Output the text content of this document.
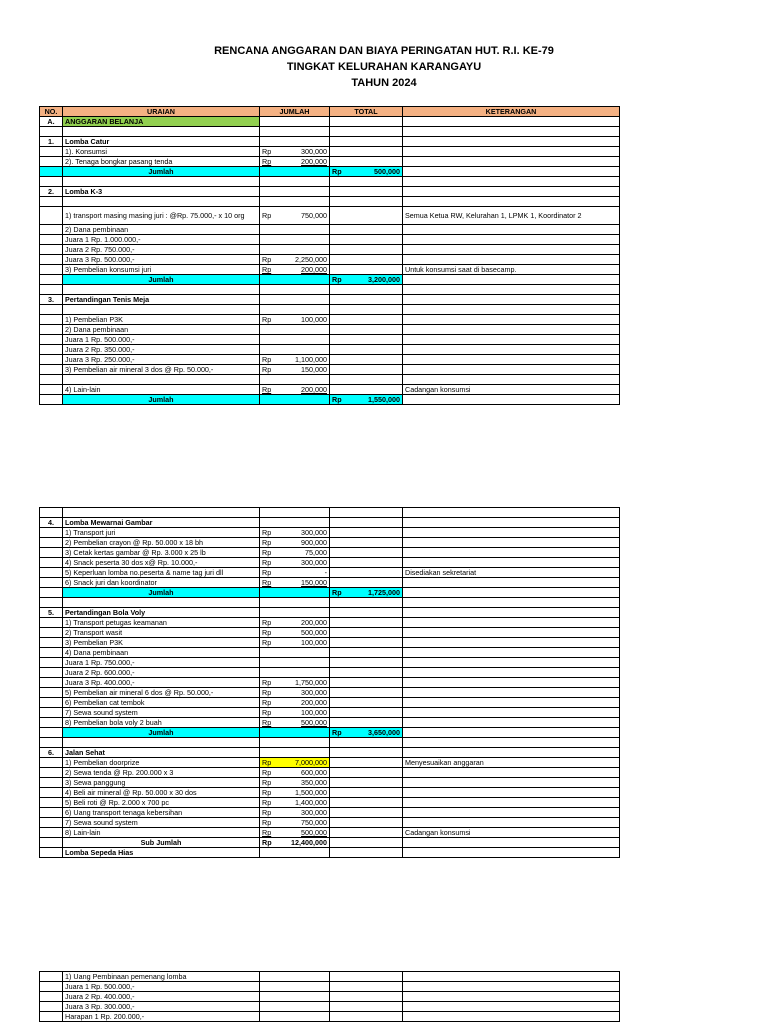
RENCANA ANGGARAN DAN BIAYA PERINGATAN HUT. R.I. KE-79
TINGKAT KELURAHAN KARANGAYU
TAHUN 2024
NO.	URAIAN	JUMLAH	TOTAL	KETERANGAN
A.	ANGGARAN BELANJA			

1.	Lomba Catur			
	1). Konsumsi	Rp 300,000		

	2). Tenaga bongkar pasang tenda	Rp 200,000		

	Jumlah		Rp 500,000	

2.	Lomba K-3			

	1) transport masing masing juri : @Rp. 75.000,- x 10 org	Rp 750,000		Semua Ketua RW, Kelurahan 1, LPMK 1, Koordinator 2
	2) Dana pembinaan			
	Juara 1 Rp. 1.000.000,-			
	Juara 2 Rp. 750.000,-			
	Juara 3 Rp. 500.000,-	Rp 2,250,000		

	3) Pembelian konsumsi juri	Rp 200,000		Untuk konsumsi saat di basecamp.
	Jumlah		Rp 3,200,000	

3.	Pertandingan Tenis Meja			

	1) Pembelian P3K	Rp 100,000		

	2) Dana pembinaan			
	Juara 1 Rp. 500.000,-			
	Juara 2 Rp. 350.000,-			
	Juara 3 Rp. 250.000,-	Rp 1,100,000		

	3) Pembelian air mineral 3 dos @ Rp. 50.000,-	Rp 150,000		

	4) Lain-lain	Rp 200,000		Cadangan konsumsi
	Jumlah		Rp 1,550,000	

4.	Lomba Mewarnai Gambar			
	1) Transport juri	Rp 300,000		

	2) Pembelian crayon @ Rp. 50.000 x 18 bh	Rp 900,000		

	3) Cetak kertas gambar @ Rp. 3.000 x 25 lb	Rp 75,000		

	4) Snack peserta 30 dos x@ Rp. 10.000,-	Rp 300,000		

	5) Keperluan lomba no.peserta & name tag juri dll	Rp -		Disediakan sekretariat
	6) Snack juri dan koordinator	Rp 150,000		

	Jumlah		Rp 1,725,000	

5.	Pertandingan Bola Voly			
	1) Transport petugas keamanan	Rp 200,000		

	2) Transport wasit	Rp 500,000		

	3) Pembelian P3K	Rp 100,000		

	4) Dana pembinaan			
	Juara 1 Rp. 750.000,-			
	Juara 2 Rp. 600.000,-			
	Juara 3 Rp. 400.000,-	Rp 1,750,000		

	5) Pembelian air mineral 6 dos @ Rp. 50.000,-	Rp 300,000		

	6) Pembelian cat tembok	Rp 200,000		

	7) Sewa sound system	Rp 100,000		

	8) Pembelian bola voly 2 buah	Rp 500,000		

	Jumlah		Rp 3,650,000	

6.	Jalan Sehat			
	1) Pembelian doorprize	Rp 7,000,000		Menyesuaikan anggaran
	2) Sewa tenda @ Rp. 200.000 x 3	Rp 600,000		

	3) Sewa panggung	Rp 350,000		

	4) Beli air mineral @ Rp. 50.000 x 30 dos	Rp 1,500,000		

	5) Beli roti @ Rp. 2.000 x 700 pc	Rp 1,400,000		

	6) Uang transport tenaga kebersihan	Rp 300,000		

	7) Sewa sound system	Rp 750,000		

	8) Lain-lain	Rp 500,000		Cadangan konsumsi
	Sub Jumlah	Rp 12,400,000		

	Lomba Sepeda Hias			
	1) Uang Pembinaan pemenang lomba			
	Juara 1 Rp. 500.000,-			
	Juara 2 Rp. 400.000,-			
	Juara 3 Rp. 300.000,-			
	Harapan 1 Rp. 200.000,-			
